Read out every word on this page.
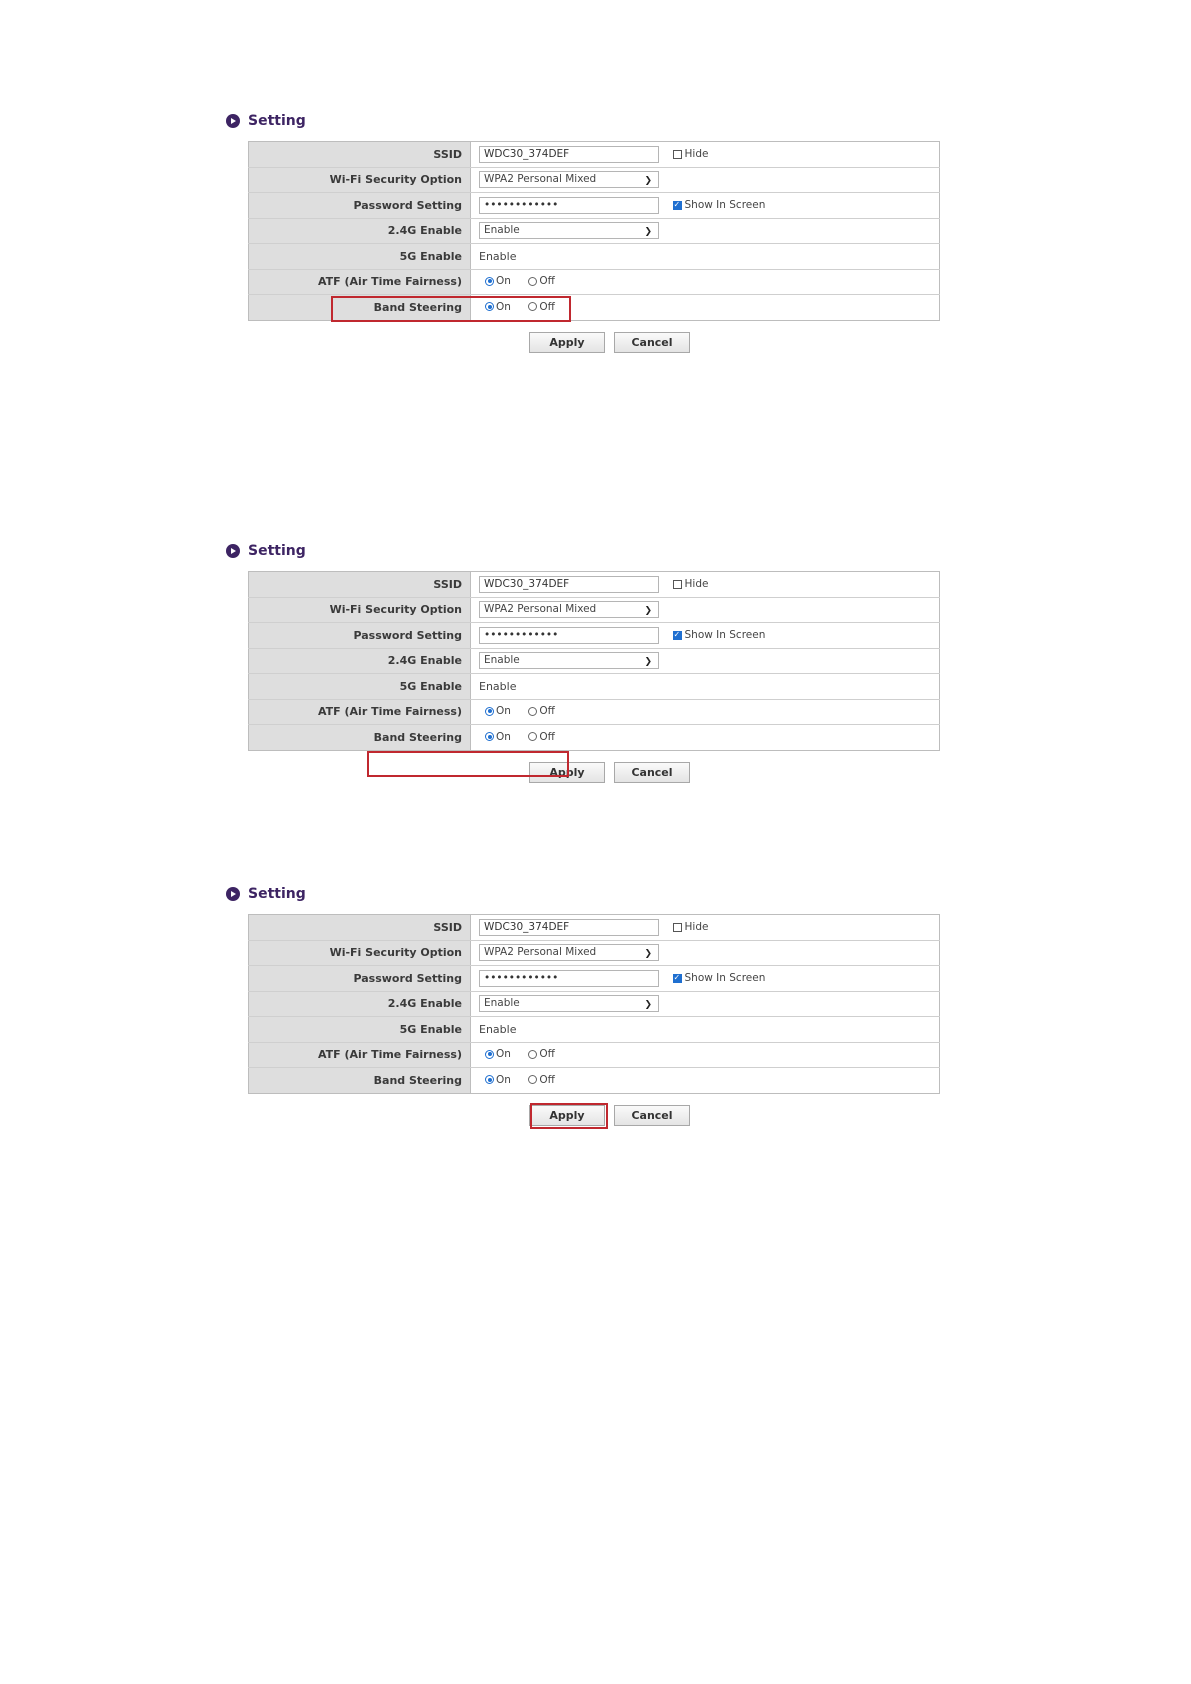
Setting
SSID	WDC30_374DEF Hide

Wi-Fi Security Option	WPA2 Personal Mixed ❯

Password Setting	•••••••••••• ✓ Show In Screen

2.4G Enable	Enable ❯

5G Enable	Enable
ATF (Air Time Fairness)	On
Off

Band Steering	On
Off
Apply	Cancel
Setting
SSID	WDC30_374DEF Hide

Wi-Fi Security Option	WPA2 Personal Mixed ❯

Password Setting	•••••••••••• ✓ Show In Screen

2.4G Enable	Enable ❯

5G Enable	Enable
ATF (Air Time Fairness)	On
Off

Band Steering	On
Off
Apply	Cancel
Setting
SSID	WDC30_374DEF Hide

Wi-Fi Security Option	WPA2 Personal Mixed ❯

Password Setting	•••••••••••• ✓ Show In Screen

2.4G Enable	Enable ❯

5G Enable	Enable
ATF (Air Time Fairness)	On
Off

Band Steering	On
Off
Apply	Cancel
